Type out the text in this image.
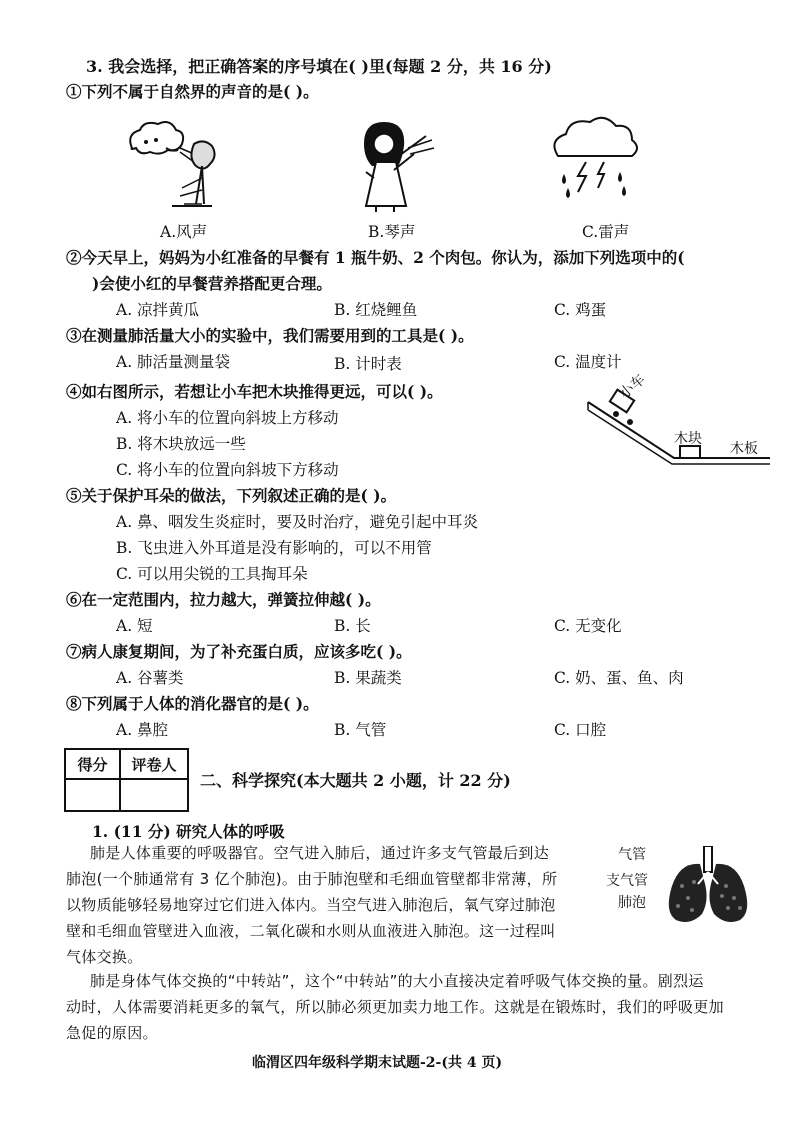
3. 我会选择，把正确答案的序号填在( )里(每题 2 分，共 16 分)
①下列不属于自然界的声音的是( )。
A.风声	B.琴声	C.雷声
②今天早上，妈妈为小红准备的早餐有 1 瓶牛奶、2 个肉包。你认为，添加下列选项中的(
)会使小红的早餐营养搭配更合理。
A. 凉拌黄瓜	B. 红烧鲤鱼	C. 鸡蛋
③在测量肺活量大小的实验中，我们需要用到的工具是( )。
A. 肺活量测量袋	B. 计时表	C. 温度计
④如右图所示，若想让小车把木块推得更远，可以( )。
A. 将小车的位置向斜坡上方移动
B. 将木块放远一些
C. 将小车的位置向斜坡下方移动
小车
木块
木板
⑤关于保护耳朵的做法，下列叙述正确的是( )。
A. 鼻、咽发生炎症时，要及时治疗，避免引起中耳炎
B. 飞虫进入外耳道是没有影响的，可以不用管
C. 可以用尖锐的工具掏耳朵
⑥在一定范围内，拉力越大，弹簧拉伸越( )。
A. 短	B. 长	C. 无变化
⑦病人康复期间，为了补充蛋白质，应该多吃( )。
A. 谷薯类	B. 果蔬类	C. 奶、蛋、鱼、肉
⑧下列属于人体的消化器官的是( )。
A. 鼻腔	B. 气管	C. 口腔
得分	评卷人

二、科学探究(本大题共 2 小题，计 22 分)
1. (11 分) 研究人体的呼吸
肺是人体重要的呼吸器官。空气进入肺后，通过许多支气管最后到达
肺泡(一个肺通常有 3 亿个肺泡)。由于肺泡壁和毛细血管壁都非常薄，所
以物质能够轻易地穿过它们进入体内。当空气进入肺泡后，氧气穿过肺泡
壁和毛细血管壁进入血液，二氧化碳和水则从血液进入肺泡。这一过程叫
气体交换。
气管
支气管
肺泡
肺是身体气体交换的“中转站”，这个“中转站”的大小直接决定着呼吸气体交换的量。剧烈运
动时，人体需要消耗更多的氧气，所以肺必须更加卖力地工作。这就是在锻炼时，我们的呼吸更加
急促的原因。
临渭区四年级科学期末试题-2-(共 4 页)
